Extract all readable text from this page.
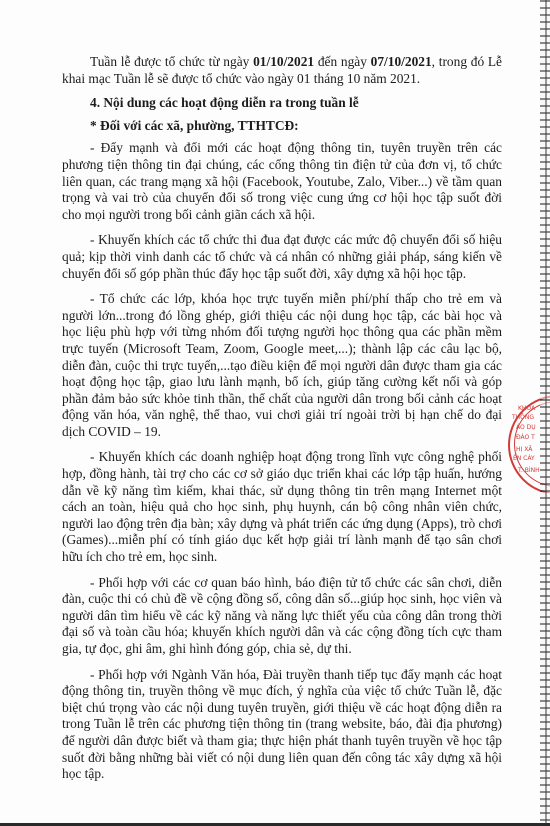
Tuần lễ được tổ chức từ ngày 01/10/2021 đến ngày 07/10/2021, trong đó Lễ khai mạc Tuần lễ sẽ được tổ chức vào ngày 01 tháng 10 năm 2021.

4. Nội dung các hoạt động diễn ra trong tuần lễ
* Đối với các xã, phường, TTHTCĐ:

- Đẩy mạnh và đổi mới các hoạt động thông tin, tuyên truyền trên các phương tiện thông tin đại chúng, các cổng thông tin điện tử của đơn vị, tổ chức liên quan, các trang mạng xã hội (Facebook, Youtube, Zalo, Viber...) về tầm quan trọng và vai trò của chuyển đổi số trong việc cung ứng cơ hội học tập suốt đời cho mọi người trong bối cảnh giãn cách xã hội.

- Khuyến khích các tổ chức thi đua đạt được các mức độ chuyển đổi số hiệu quả; kịp thời vinh danh các tổ chức và cá nhân có những giải pháp, sáng kiến về chuyển đổi số góp phần thúc đẩy học tập suốt đời, xây dựng xã hội học tập.

- Tổ chức các lớp, khóa học trực tuyến miễn phí/phí thấp cho trẻ em và người lớn...trong đó lồng ghép, giới thiệu các nội dung học tập, các bài học và học liệu phù hợp với từng nhóm đối tượng người học thông qua các phần mềm trực tuyến (Microsoft Team, Zoom, Google meet,...); thành lập các câu lạc bộ, diễn đàn, cuộc thi trực tuyến,...tạo điều kiện để mọi người dân được tham gia các hoạt động học tập, giao lưu lành mạnh, bổ ích, giúp tăng cường kết nối và góp phần đảm bảo sức khỏe tinh thần, thể chất của người dân trong bối cảnh các hoạt động văn hóa, văn nghệ, thể thao, vui chơi giải trí ngoài trời bị hạn chế do đại dịch COVID – 19.

- Khuyến khích các doanh nghiệp hoạt động trong lĩnh vực công nghệ phối hợp, đồng hành, tài trợ cho các cơ sở giáo dục triển khai các lớp tập huấn, hướng dẫn về kỹ năng tìm kiếm, khai thác, sử dụng thông tin trên mạng Internet một cách an toàn, hiệu quả cho học sinh, phụ huynh, cán bộ công nhân viên chức, người lao động trên địa bàn; xây dựng và phát triển các ứng dụng (Apps), trò chơi (Games)...miễn phí có tính giáo dục kết hợp giải trí lành mạnh để tạo sân chơi hữu ích cho trẻ em, học sinh.

- Phối hợp với các cơ quan báo hình, báo điện tử tổ chức các sân chơi, diễn đàn, cuộc thi có chủ đề về cộng đồng số, công dân số...giúp học sinh, học viên và người dân tìm hiểu về các kỹ năng và năng lực thiết yếu của công dân trong thời đại số và toàn cầu hóa; khuyến khích người dân và các cộng đồng tích cực tham gia, tự đọc, ghi âm, ghi hình đóng góp, chia sẻ, dự thi.

- Phối hợp với Ngành Văn hóa, Đài truyền thanh tiếp tục đẩy mạnh các hoạt động thông tin, truyền thông về mục đích, ý nghĩa của việc tổ chức Tuần lễ, đặc biệt chú trọng vào các nội dung tuyên truyền, giới thiệu về các hoạt động diễn ra trong Tuần lễ trên các phương tiện thông tin (trang website, báo, đài địa phương) để người dân được biết và tham gia; thực hiện phát thanh tuyên truyền về học tập suốt đời bằng những bài viết có nội dung liên quan đến công tác xây dựng xã hội học tập.

KHOA
THÔNG
ÁO DỤ
ĐÀO T
HỊ XÃ
ẾN CÁY
T. BÌNH
